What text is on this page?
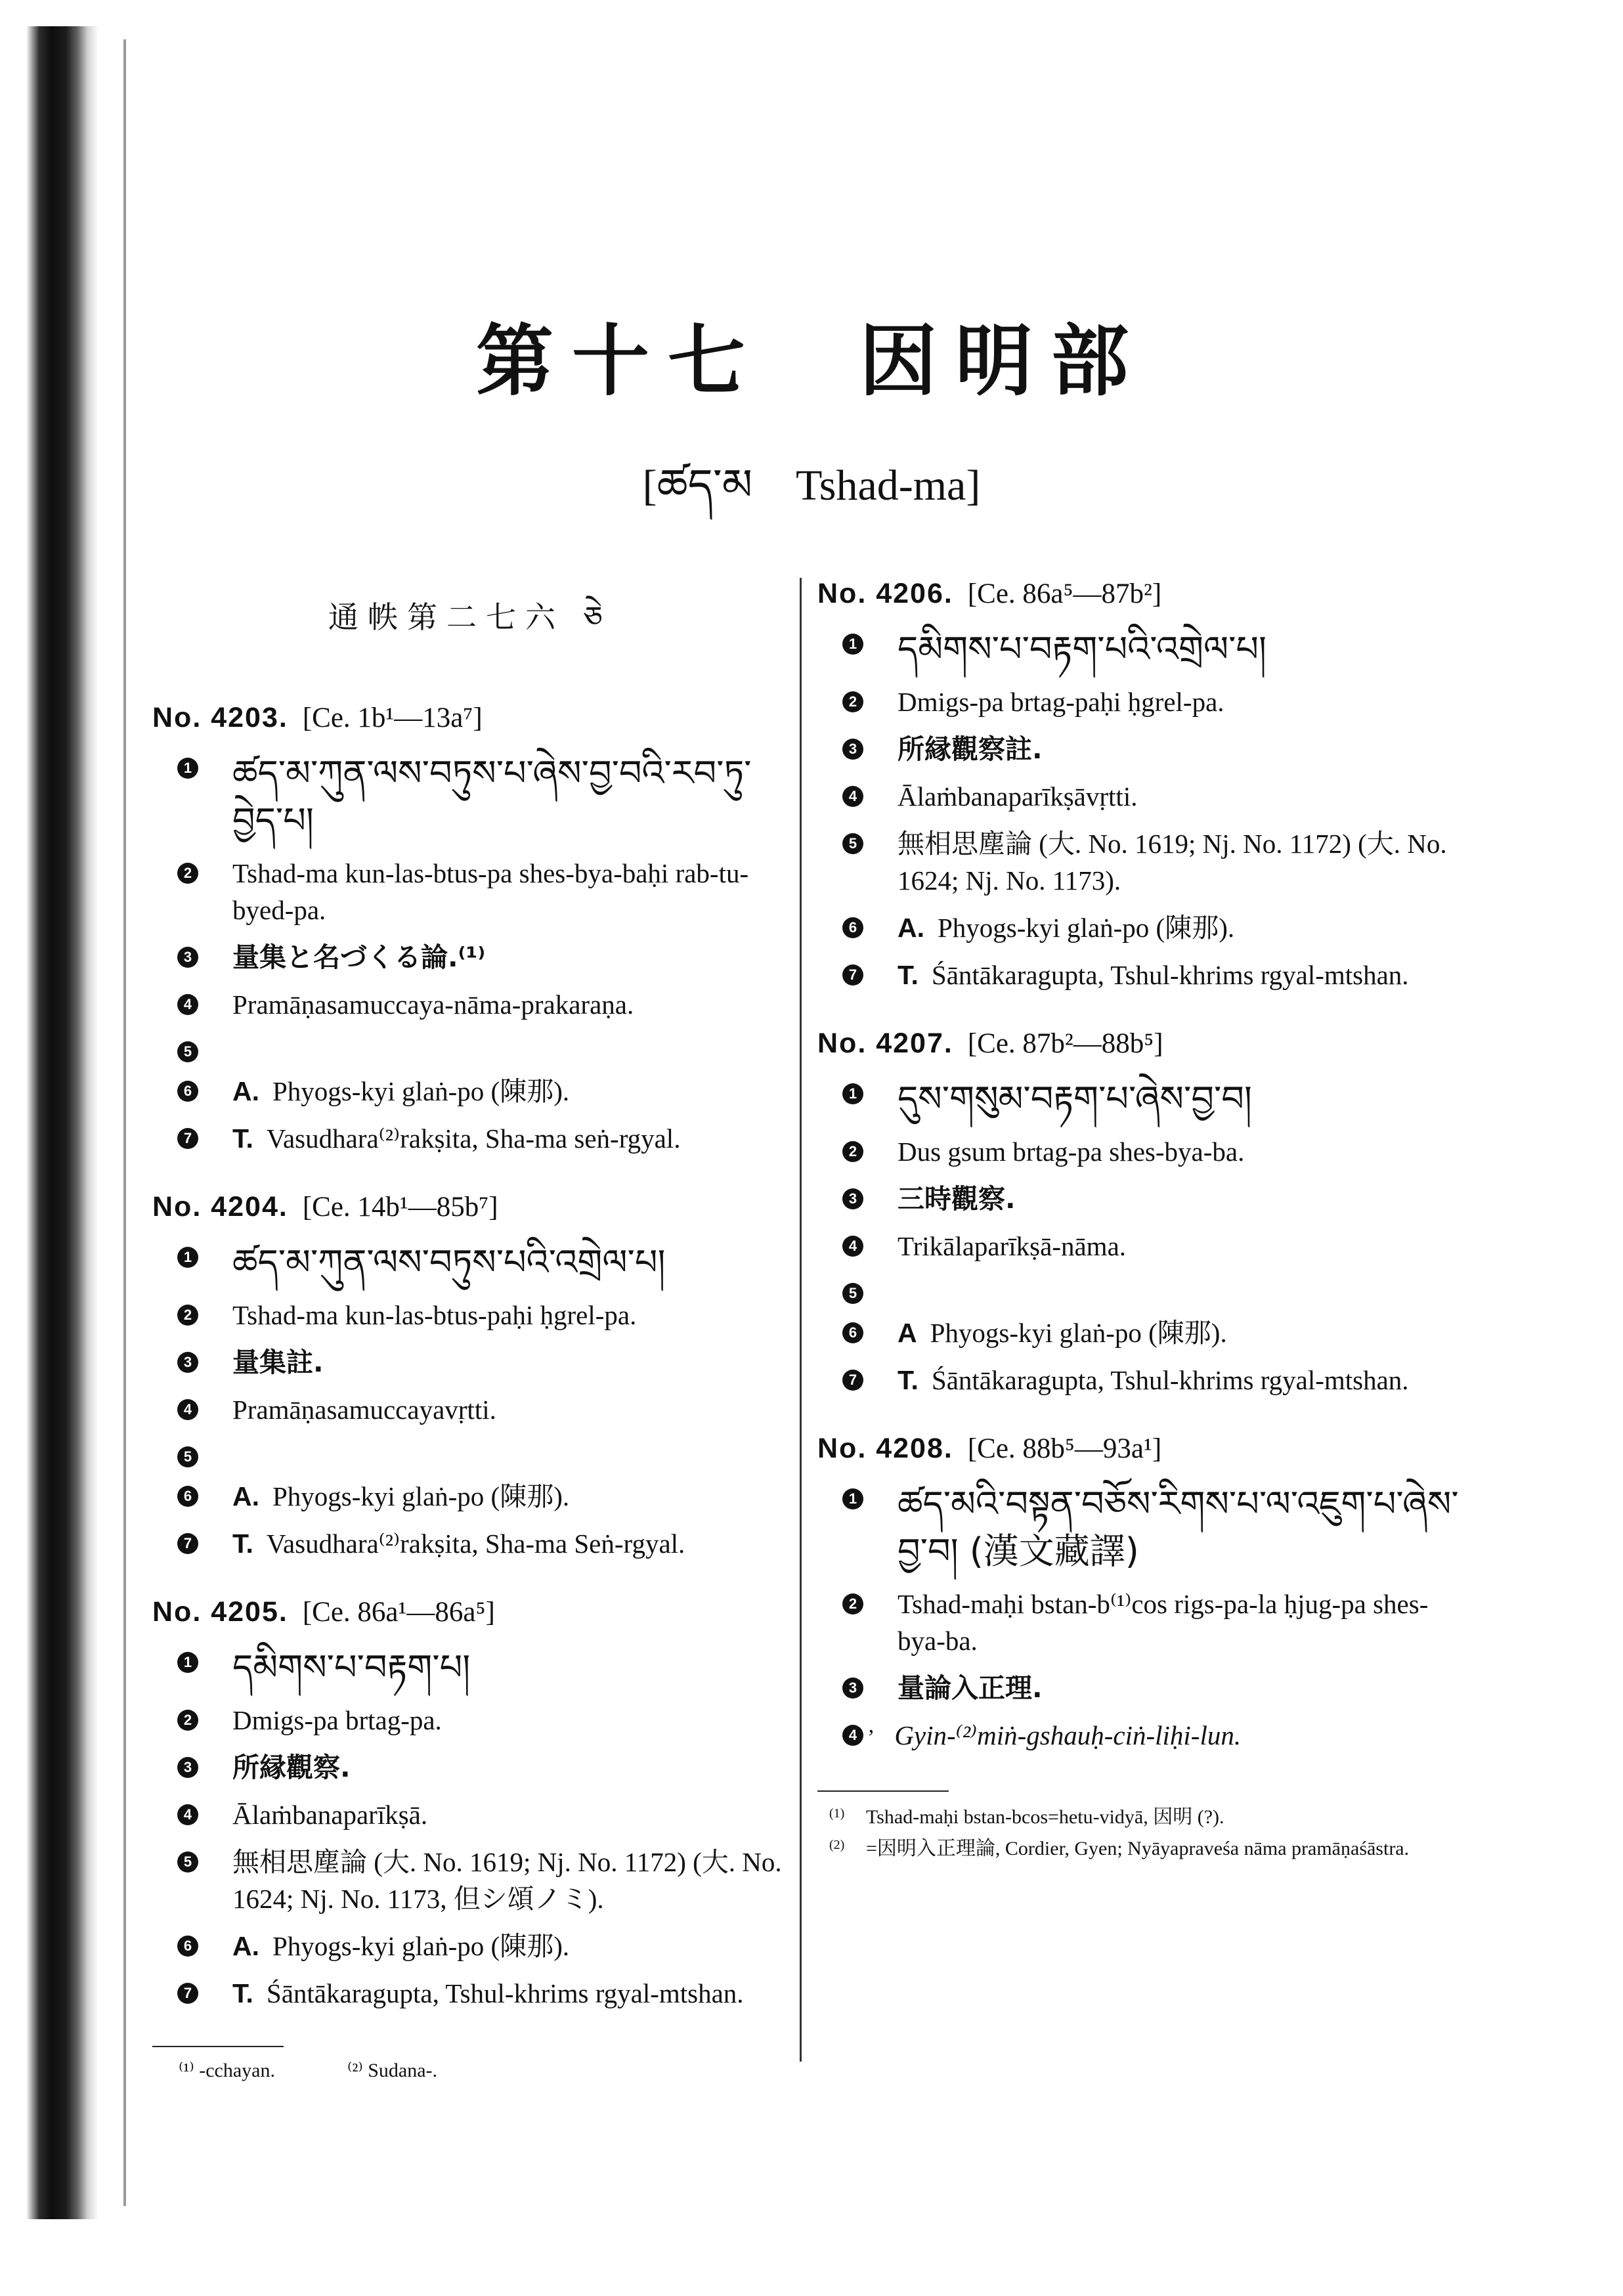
第十七　因明部
[ཚད་མ　Tshad-ma]
通帙第二七六 ཅེ
No. 4203. [Ce. 1b¹—13a⁷]
1 ཚད་མ་ཀུན་ལས་བཏུས་པ་ཞེས་བྱ་བའི་རབ་ཏུ་བྱེད་པ།
2 Tshad-ma kun-las-btus-pa shes-bya-baḥi rab-tu-byed-pa.
3 量集と名づくる論.⁽¹⁾
4 Pramāṇasamuccaya-nāma-prakaraṇa.
5
6 A. Phyogs-kyi glaṅ-po (陳那).
7 T. Vasudhara⁽²⁾rakṣita, Sha-ma seṅ-rgyal.
No. 4204. [Ce. 14b¹—85b⁷]
1 ཚད་མ་ཀུན་ལས་བཏུས་པའི་འགྲེལ་པ།
2 Tshad-ma kun-las-btus-paḥi ḥgrel-pa.
3 量集註.
4 Pramāṇasamuccayavṛtti.
5
6 A. Phyogs-kyi glaṅ-po (陳那).
7 T. Vasudhara⁽²⁾rakṣita, Sha-ma Seṅ-rgyal.
No. 4205. [Ce. 86a¹—86a⁵]
1 དམིགས་པ་བརྟག་པ།
2 Dmigs-pa brtag-pa.
3 所縁觀察.
4 Ālaṁbanaparīkṣā.
5 無相思塵論 (大. No. 1619; Nj. No. 1172) (大. No. 1624; Nj. No. 1173, 但シ頌ノミ).
6 A. Phyogs-kyi glaṅ-po (陳那).
7 T. Śāntākaragupta, Tshul-khrims rgyal-mtshan.
⁽¹⁾ -cchayan.	⁽²⁾ Sudana-.
No. 4206. [Ce. 86a⁵—87b²]
1 དམིགས་པ་བརྟག་པའི་འགྲེལ་པ།
2 Dmigs-pa brtag-paḥi ḥgrel-pa.
3 所縁觀察註.
4 Ālaṁbanaparīkṣāvṛtti.
5 無相思塵論 (大. No. 1619; Nj. No. 1172) (大. No. 1624; Nj. No. 1173).
6 A. Phyogs-kyi glaṅ-po (陳那).
7 T. Śāntākaragupta, Tshul-khrims rgyal-mtshan.
No. 4207. [Ce. 87b²—88b⁵]
1 དུས་གསུམ་བརྟག་པ་ཞེས་བྱ་བ།
2 Dus gsum brtag-pa shes-bya-ba.
3 三時觀察.
4 Trikālaparīkṣā-nāma.
5
6 A Phyogs-kyi glaṅ-po (陳那).
7 T. Śāntākaragupta, Tshul-khrims rgyal-mtshan.
No. 4208. [Ce. 88b⁵—93a¹]
1 ཚད་མའི་བསྟན་བཅོས་རིགས་པ་ལ་འཇུག་པ་ཞེས་བྱ་བ། (漢文藏譯)
2 Tshad-maḥi bstan-b⁽¹⁾cos rigs-pa-la ḥjug-pa shes-bya-ba.
3 量論入正理.
4 ’ Gyin-⁽²⁾miṅ-gshauḥ-ciṅ-liḥi-lun.
(1)	Tshad-maḥi bstan-bcos=hetu-vidyā, 因明 (?).
(2)	=因明入正理論, Cordier, Gyen; Nyāyapraveśa nāma pramāṇaśāstra.
